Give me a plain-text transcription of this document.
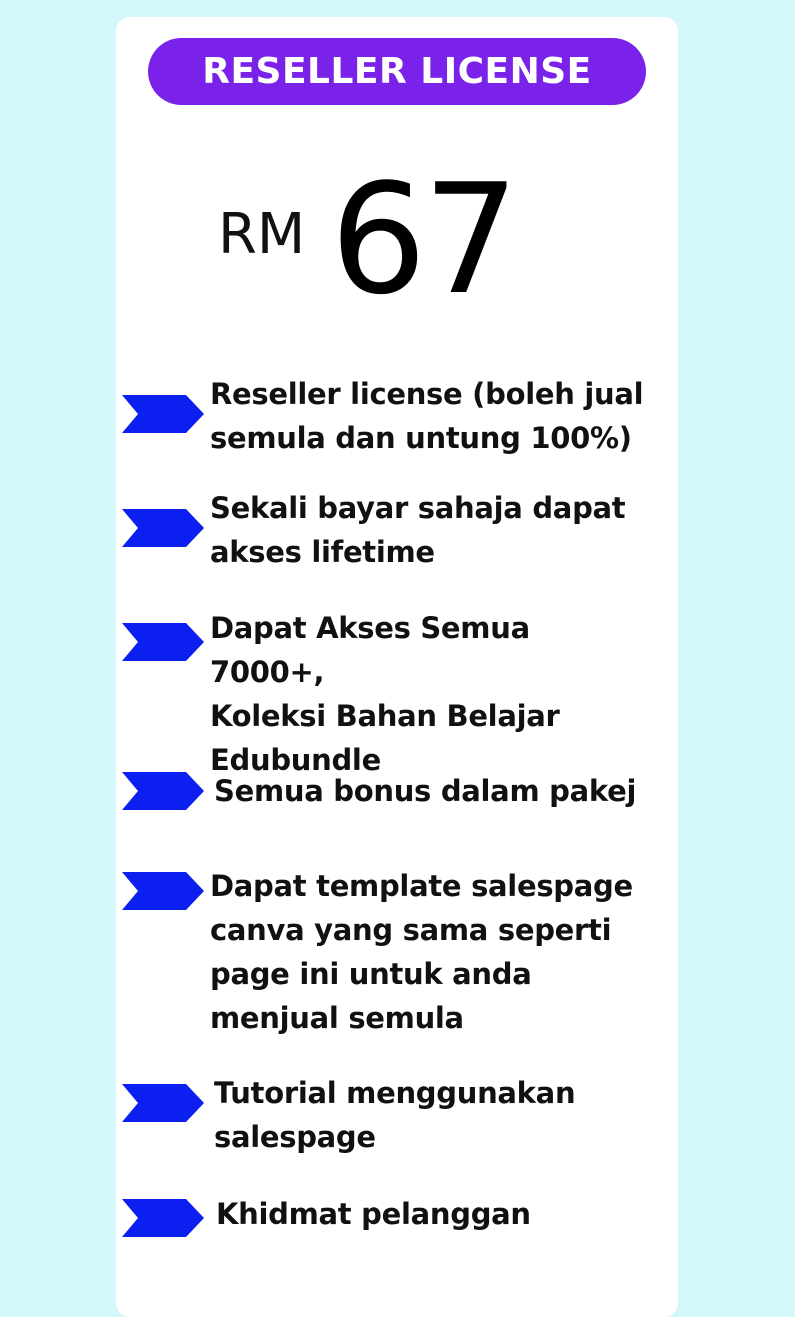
RESELLER LICENSE
RM 67
Reseller license (boleh jual
semula dan untung 100%)
Sekali bayar sahaja dapat
akses lifetime
Dapat Akses Semua 7000+,
Koleksi Bahan Belajar
Edubundle
Semua bonus dalam pakej
Dapat template salespage
canva yang sama seperti
page ini untuk anda
menjual semula
Tutorial menggunakan
salespage
Khidmat pelanggan
